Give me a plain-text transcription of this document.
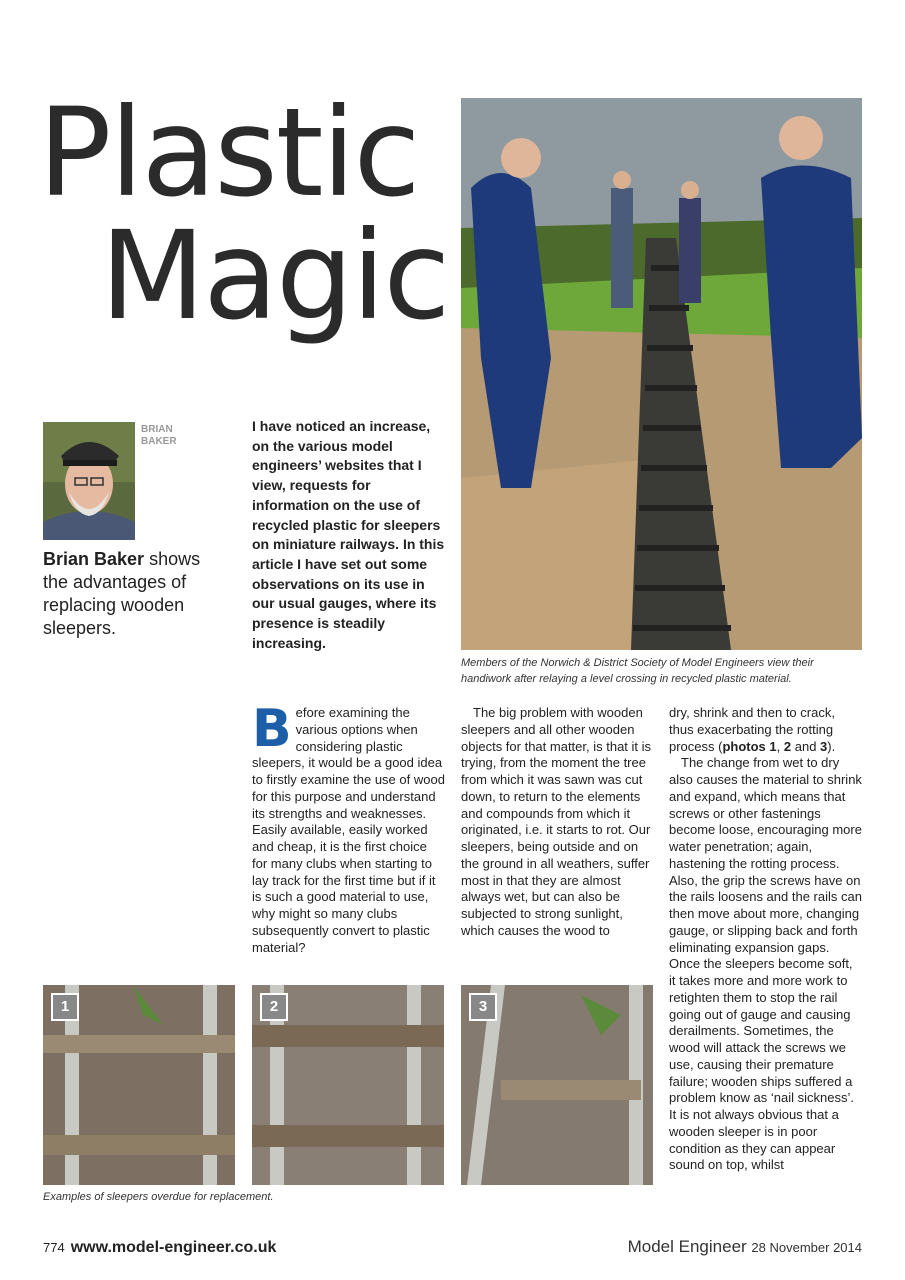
Plastic
Magic
BRIAN
BAKER
Brian Baker shows the advantages of replacing wooden sleepers.
I have noticed an increase, on the various model engineers’ websites that I view, requests for information on the use of recycled plastic for sleepers on miniature railways. In this article I have set out some observations on its use in our usual gauges, where its presence is steadily increasing.
Members of the Norwich & District Society of Model Engineers view their handiwork after relaying a level crossing in recycled plastic material.

Before examining the various options when considering plastic sleepers, it would be a good idea to firstly examine the use of wood for this purpose and understand its strengths and weaknesses. Easily available, easily worked and cheap, it is the first choice for many clubs when starting to lay track for the first time but if it is such a good material to use, why might so many clubs subsequently convert to plastic material?

The big problem with wooden sleepers and all other wooden objects for that matter, is that it is trying, from the moment the tree from which it was sawn was cut down, to return to the elements and compounds from which it originated, i.e. it starts to rot. Our sleepers, being outside and on the ground in all weathers, suffer most in that they are almost always wet, but can also be subjected to strong sunlight, which causes the wood to

dry, shrink and then to crack, thus exacerbating the rotting process (photos 1, 2 and 3).

The change from wet to dry also causes the material to shrink and expand, which means that screws or other fastenings become loose, encouraging more water penetration; again, hastening the rotting process. Also, the grip the screws have on the rails loosens and the rails can then move about more, changing gauge, or slipping back and forth eliminating expansion gaps. Once the sleepers become soft, it takes more and more work to retighten them to stop the rail going out of gauge and causing derailments. Sometimes, the wood will attack the screws we use, causing their premature failure; wooden ships suffered a problem know as ‘nail sickness’. It is not always obvious that a wooden sleeper is in poor condition as they can appear sound on top, whilst

1	2	3
Examples of sleepers overdue for replacement.
774 www.model-engineer.co.uk	Model Engineer 28 November 2014
